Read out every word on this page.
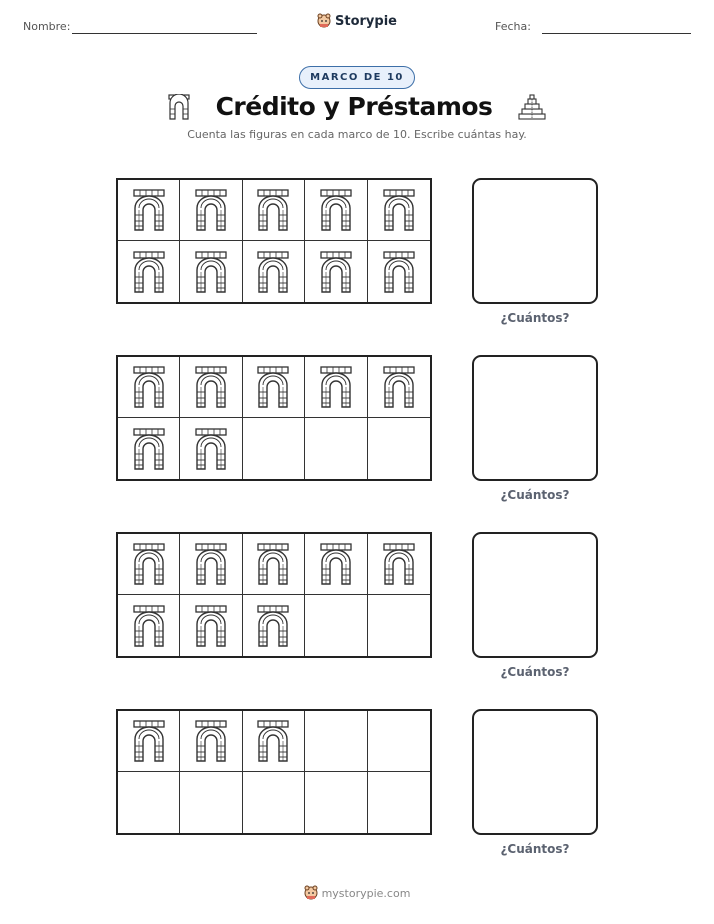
Nombre:	Storypie	Fecha:
MARCO DE 10
Crédito y Préstamos

Cuenta las figuras en cada marco de 10. Escribe cuántas hay.

¿Cuántos?
¿Cuántos?
¿Cuántos?
¿Cuántos?
mystorypie.com
